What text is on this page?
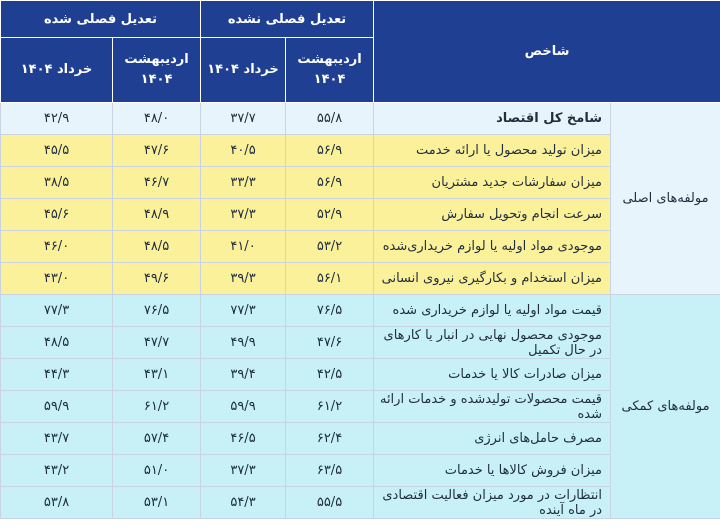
شاخص		تعدیل فصلی نشده		تعدیل فصلی شده	
		اردیبهشت ۱۴۰۴	خرداد ۱۴۰۴	اردیبهشت ۱۴۰۴	خرداد ۱۴۰۴
مولفه‌های اصلی	شامخ کل اقتصاد	۵۵/۸	۳۷/۷	۴۸/۰	۴۲/۹
	میزان تولید محصول یا ارائه خدمت	۵۶/۹	۴۰/۵	۴۷/۶	۴۵/۵
	میزان سفارشات جدید مشتریان	۵۶/۹	۳۳/۳	۴۶/۷	۳۸/۵
	سرعت انجام وتحویل سفارش	۵۲/۹	۳۷/۳	۴۸/۹	۴۵/۶
	موجودی مواد اولیه یا لوازم خریداری‌شده	۵۳/۲	۴۱/۰	۴۸/۵	۴۶/۰
	میزان استخدام و بکارگیری نیروی انسانی	۵۶/۱	۳۹/۳	۴۹/۶	۴۳/۰
مولفه‌های کمکی	قیمت مواد اولیه یا لوازم خریداری شده	۷۶/۵	۷۷/۳	۷۶/۵	۷۷/۳
	موجودی محصول نهایی در انبار یا کارهای در حال تکمیل	۴۷/۶	۴۹/۹	۴۷/۷	۴۸/۵
	میزان صادرات کالا یا خدمات	۴۲/۵	۳۹/۴	۴۳/۱	۴۴/۳
	قیمت محصولات تولیدشده و خدمات ارائه شده	۶۱/۲	۵۹/۹	۶۱/۲	۵۹/۹
	مصرف حامل‌های انرژی	۶۲/۴	۴۶/۵	۵۷/۴	۴۳/۷
	میزان فروش کالاها یا خدمات	۶۳/۵	۳۷/۳	۵۱/۰	۴۳/۲
	انتظارات در مورد میزان فعالیت اقتصادی در ماه آینده	۵۵/۵	۵۴/۳	۵۳/۱	۵۳/۸
